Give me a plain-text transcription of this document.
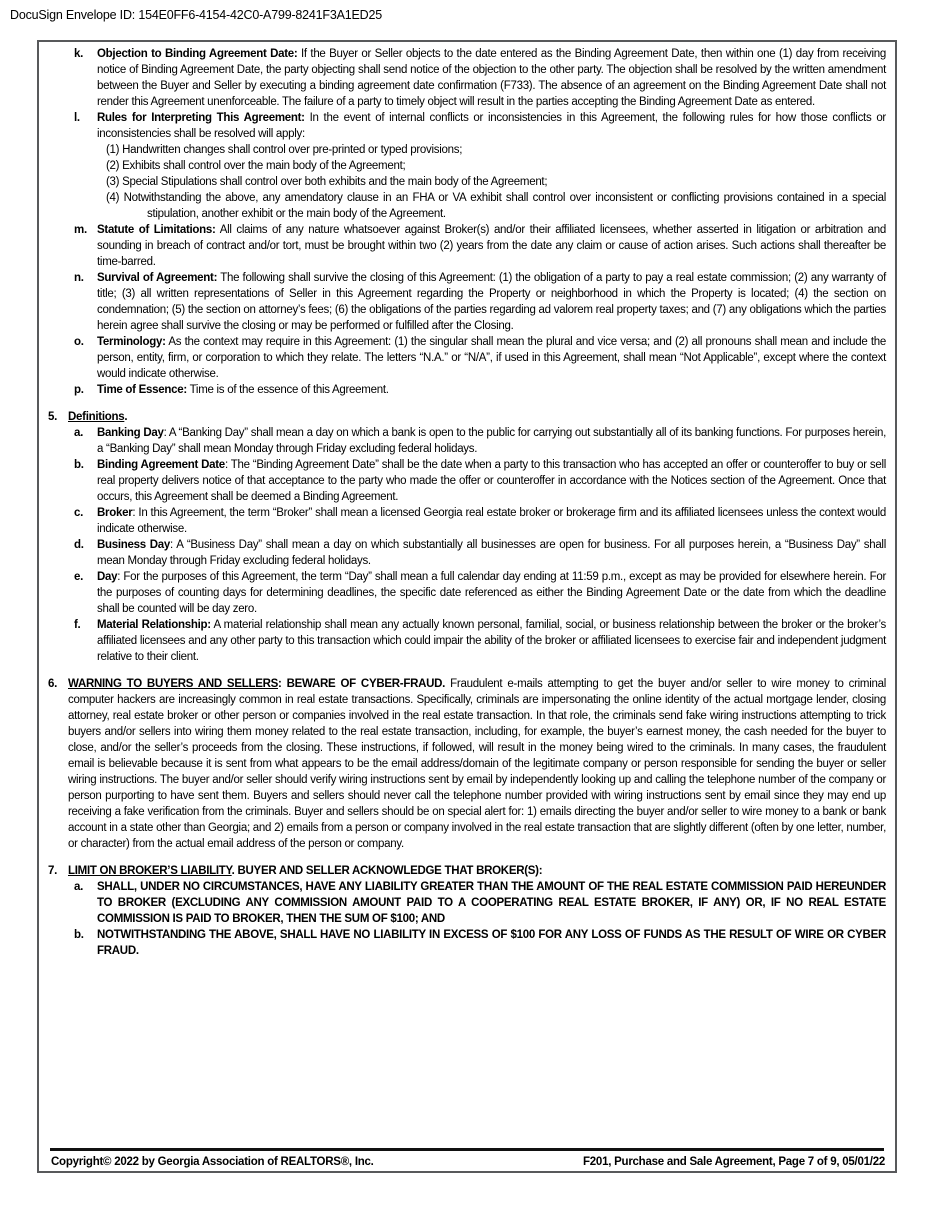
DocuSign Envelope ID: 154E0FF6-4154-42C0-A799-8241F3A1ED25
k. Objection to Binding Agreement Date: If the Buyer or Seller objects to the date entered as the Binding Agreement Date, then within one (1) day from receiving notice of Binding Agreement Date, the party objecting shall send notice of the objection to the other party. The objection shall be resolved by the written amendment between the Buyer and Seller by executing a binding agreement date confirmation (F733). The absence of an agreement on the Binding Agreement Date shall not render this Agreement unenforceable. The failure of a party to timely object will result in the parties accepting the Binding Agreement Date as entered.
l. Rules for Interpreting This Agreement: In the event of internal conflicts or inconsistencies in this Agreement, the following rules for how those conflicts or inconsistencies shall be resolved will apply:
(1) Handwritten changes shall control over pre-printed or typed provisions;
(2) Exhibits shall control over the main body of the Agreement;
(3) Special Stipulations shall control over both exhibits and the main body of the Agreement;
(4) Notwithstanding the above, any amendatory clause in an FHA or VA exhibit shall control over inconsistent or conflicting provisions contained in a special stipulation, another exhibit or the main body of the Agreement.
m. Statute of Limitations: All claims of any nature whatsoever against Broker(s) and/or their affiliated licensees, whether asserted in litigation or arbitration and sounding in breach of contract and/or tort, must be brought within two (2) years from the date any claim or cause of action arises. Such actions shall thereafter be time-barred.
n. Survival of Agreement: The following shall survive the closing of this Agreement: (1) the obligation of a party to pay a real estate commission; (2) any warranty of title; (3) all written representations of Seller in this Agreement regarding the Property or neighborhood in which the Property is located; (4) the section on condemnation; (5) the section on attorney’s fees; (6) the obligations of the parties regarding ad valorem real property taxes; and (7) any obligations which the parties herein agree shall survive the closing or may be performed or fulfilled after the Closing.
o. Terminology: As the context may require in this Agreement: (1) the singular shall mean the plural and vice versa; and (2) all pronouns shall mean and include the person, entity, firm, or corporation to which they relate. The letters “N.A.” or “N/A”, if used in this Agreement, shall mean “Not Applicable”, except where the context would indicate otherwise.
p. Time of Essence: Time is of the essence of this Agreement.
5. Definitions.
a. Banking Day: A “Banking Day” shall mean a day on which a bank is open to the public for carrying out substantially all of its banking functions. For purposes herein, a “Banking Day” shall mean Monday through Friday excluding federal holidays.
b. Binding Agreement Date: The “Binding Agreement Date” shall be the date when a party to this transaction who has accepted an offer or counteroffer to buy or sell real property delivers notice of that acceptance to the party who made the offer or counteroffer in accordance with the Notices section of the Agreement. Once that occurs, this Agreement shall be deemed a Binding Agreement.
c. Broker: In this Agreement, the term “Broker” shall mean a licensed Georgia real estate broker or brokerage firm and its affiliated licensees unless the context would indicate otherwise.
d. Business Day: A “Business Day” shall mean a day on which substantially all businesses are open for business. For all purposes herein, a “Business Day” shall mean Monday through Friday excluding federal holidays.
e. Day: For the purposes of this Agreement, the term “Day” shall mean a full calendar day ending at 11:59 p.m., except as may be provided for elsewhere herein. For the purposes of counting days for determining deadlines, the specific date referenced as either the Binding Agreement Date or the date from which the deadline shall be counted will be day zero.
f. Material Relationship: A material relationship shall mean any actually known personal, familial, social, or business relationship between the broker or the broker’s affiliated licensees and any other party to this transaction which could impair the ability of the broker or affiliated licensees to exercise fair and independent judgment relative to their client.
6. WARNING TO BUYERS AND SELLERS: BEWARE OF CYBER-FRAUD. Fraudulent e-mails attempting to get the buyer and/or seller to wire money to criminal computer hackers are increasingly common in real estate transactions. Specifically, criminals are impersonating the online identity of the actual mortgage lender, closing attorney, real estate broker or other person or companies involved in the real estate transaction. In that role, the criminals send fake wiring instructions attempting to trick buyers and/or sellers into wiring them money related to the real estate transaction, including, for example, the buyer’s earnest money, the cash needed for the buyer to close, and/or the seller’s proceeds from the closing. These instructions, if followed, will result in the money being wired to the criminals. In many cases, the fraudulent email is believable because it is sent from what appears to be the email address/domain of the legitimate company or person responsible for sending the buyer or seller wiring instructions. The buyer and/or seller should verify wiring instructions sent by email by independently looking up and calling the telephone number of the company or person purporting to have sent them. Buyers and sellers should never call the telephone number provided with wiring instructions sent by email since they may end up receiving a fake verification from the criminals. Buyer and sellers should be on special alert for: 1) emails directing the buyer and/or seller to wire money to a bank or bank account in a state other than Georgia; and 2) emails from a person or company involved in the real estate transaction that are slightly different (often by one letter, number, or character) from the actual email address of the person or company.
7. LIMIT ON BROKER’S LIABILITY. BUYER AND SELLER ACKNOWLEDGE THAT BROKER(S):
a. SHALL, UNDER NO CIRCUMSTANCES, HAVE ANY LIABILITY GREATER THAN THE AMOUNT OF THE REAL ESTATE COMMISSION PAID HEREUNDER TO BROKER (EXCLUDING ANY COMMISSION AMOUNT PAID TO A COOPERATING REAL ESTATE BROKER, IF ANY) OR, IF NO REAL ESTATE COMMISSION IS PAID TO BROKER, THEN THE SUM OF $100; AND
b. NOTWITHSTANDING THE ABOVE, SHALL HAVE NO LIABILITY IN EXCESS OF $100 FOR ANY LOSS OF FUNDS AS THE RESULT OF WIRE OR CYBER FRAUD.
Copyright© 2022 by Georgia Association of REALTORS®, Inc.	F201, Purchase and Sale Agreement, Page 7 of 9, 05/01/22
